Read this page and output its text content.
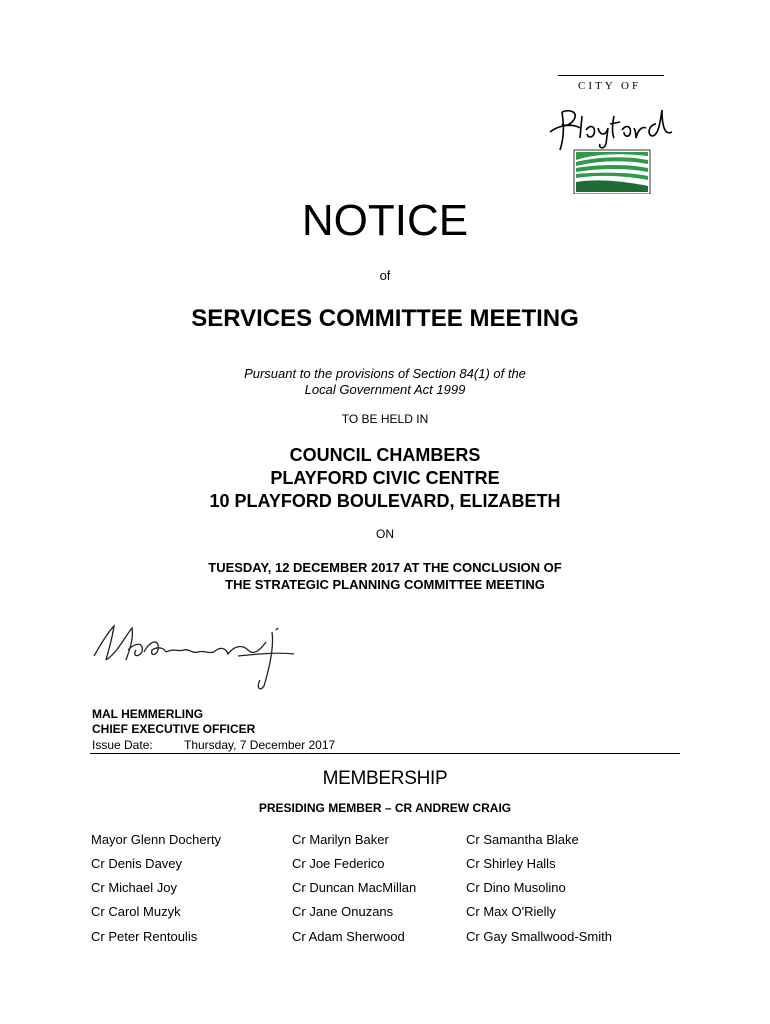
CITY OF
NOTICE
of
SERVICES COMMITTEE MEETING
Pursuant to the provisions of Section 84(1) of the
Local Government Act 1999
TO BE HELD IN
COUNCIL CHAMBERS
PLAYFORD CIVIC CENTRE
10 PLAYFORD BOULEVARD, ELIZABETH
ON
TUESDAY, 12 DECEMBER 2017 AT THE CONCLUSION OF
THE STRATEGIC PLANNING COMMITTEE MEETING
MAL HEMMERLING
CHIEF EXECUTIVE OFFICER
Issue Date:	Thursday, 7 December 2017
MEMBERSHIP
PRESIDING MEMBER – CR ANDREW CRAIG
Mayor Glenn Docherty
Cr Denis Davey
Cr Michael Joy
Cr Carol Muzyk
Cr Peter Rentoulis
Cr Marilyn Baker
Cr Joe Federico
Cr Duncan MacMillan
Cr Jane Onuzans
Cr Adam Sherwood
Cr Samantha Blake
Cr Shirley Halls
Cr Dino Musolino
Cr Max O'Rielly
Cr Gay Smallwood-Smith
